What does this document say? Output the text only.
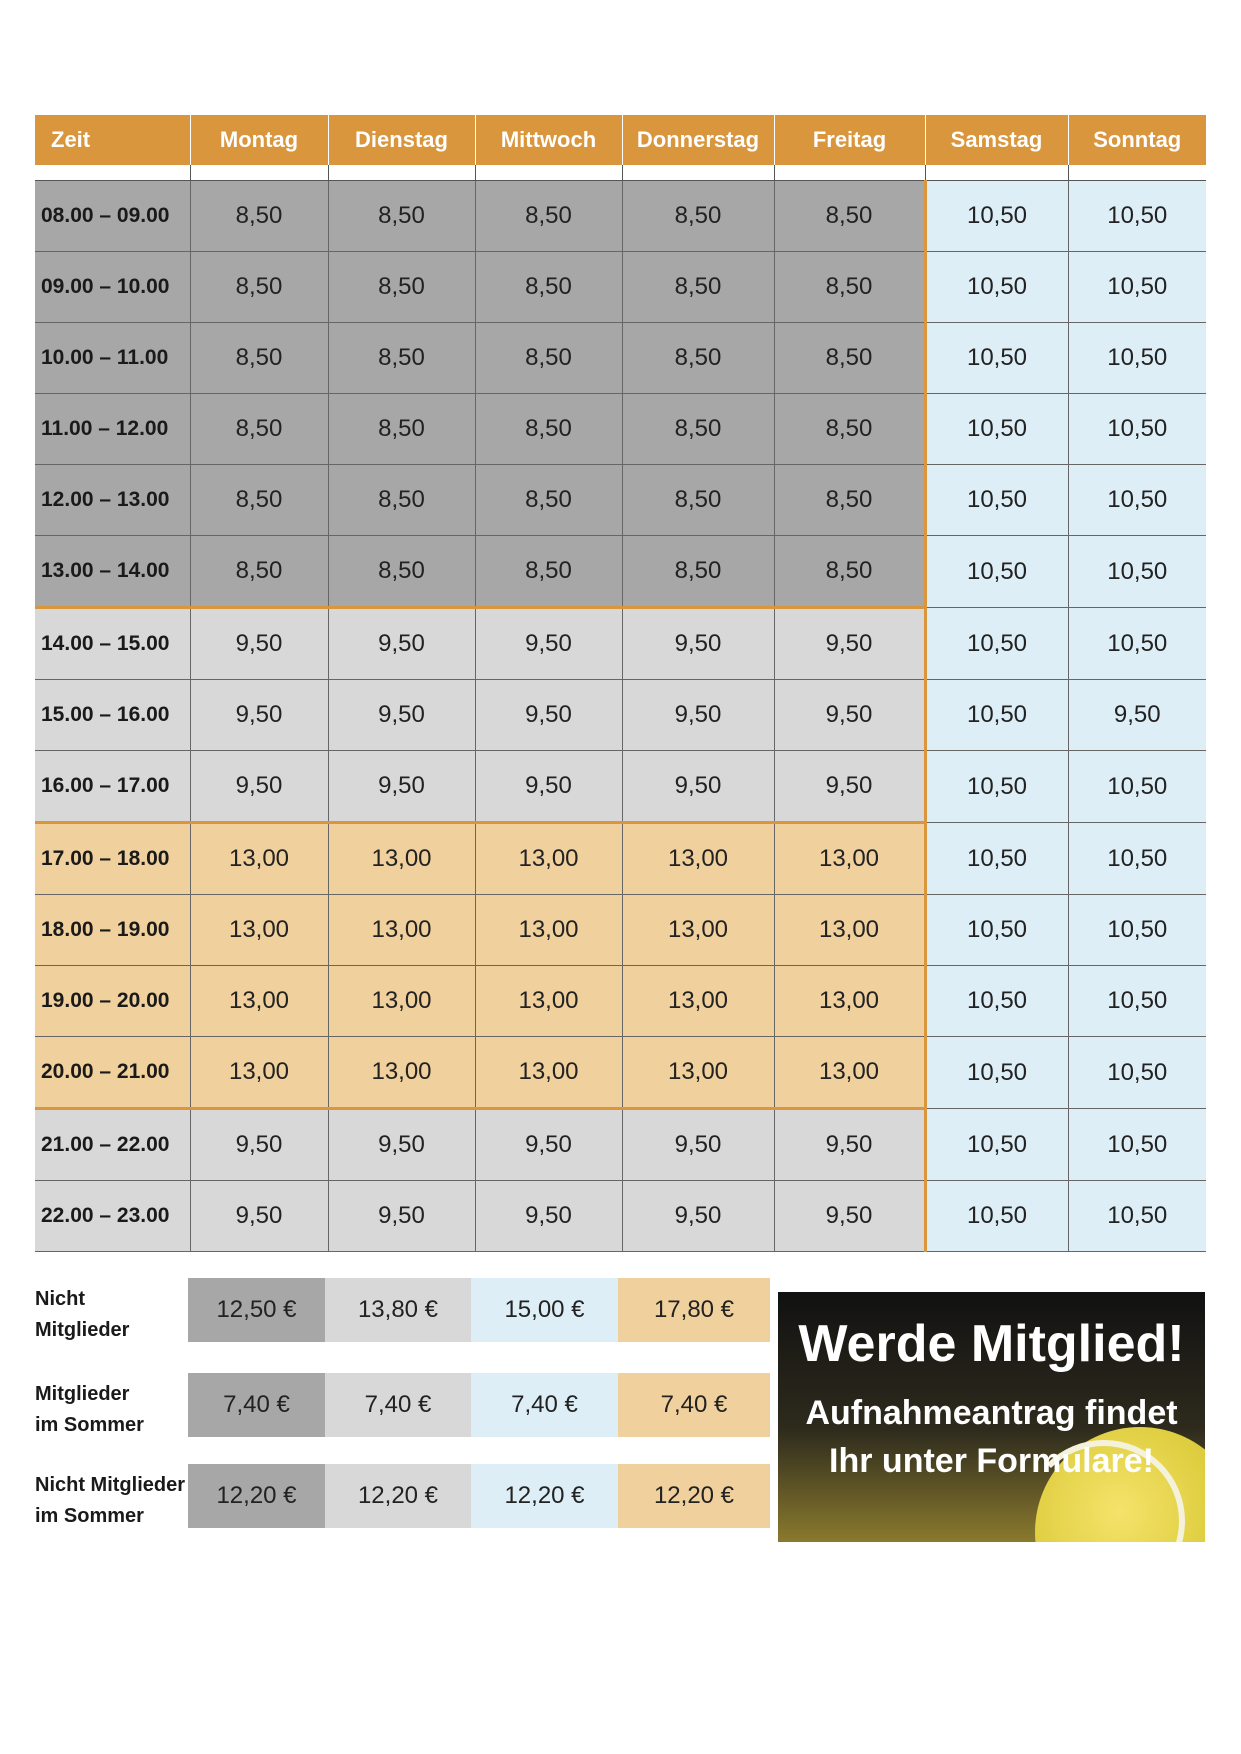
Zeit	Montag	Dienstag	Mittwoch	Donnerstag	Freitag	Samstag	Sonntag

08.00 – 09.00	8,50	8,50	8,50	8,50	8,50	10,50	10,50
09.00 – 10.00	8,50	8,50	8,50	8,50	8,50	10,50	10,50
10.00 – 11.00	8,50	8,50	8,50	8,50	8,50	10,50	10,50
11.00 – 12.00	8,50	8,50	8,50	8,50	8,50	10,50	10,50
12.00 – 13.00	8,50	8,50	8,50	8,50	8,50	10,50	10,50
13.00 – 14.00	8,50	8,50	8,50	8,50	8,50	10,50	10,50
14.00 – 15.00	9,50	9,50	9,50	9,50	9,50	10,50	10,50
15.00 – 16.00	9,50	9,50	9,50	9,50	9,50	10,50	9,50
16.00 – 17.00	9,50	9,50	9,50	9,50	9,50	10,50	10,50
17.00 – 18.00	13,00	13,00	13,00	13,00	13,00	10,50	10,50
18.00 – 19.00	13,00	13,00	13,00	13,00	13,00	10,50	10,50
19.00 – 20.00	13,00	13,00	13,00	13,00	13,00	10,50	10,50
20.00 – 21.00	13,00	13,00	13,00	13,00	13,00	10,50	10,50
21.00 – 22.00	9,50	9,50	9,50	9,50	9,50	10,50	10,50
22.00 – 23.00	9,50	9,50	9,50	9,50	9,50	10,50	10,50
Nicht
Mitglieder
12,50 €	13,80 €	15,00 €	17,80 €
Mitglieder
im Sommer
7,40 €	7,40 €	7,40 €	7,40 €
Nicht Mitglieder
im Sommer
12,20 €	12,20 €	12,20 €	12,20 €
Werde Mitglied!
Aufnahmeantrag findet
Ihr unter Formulare!
